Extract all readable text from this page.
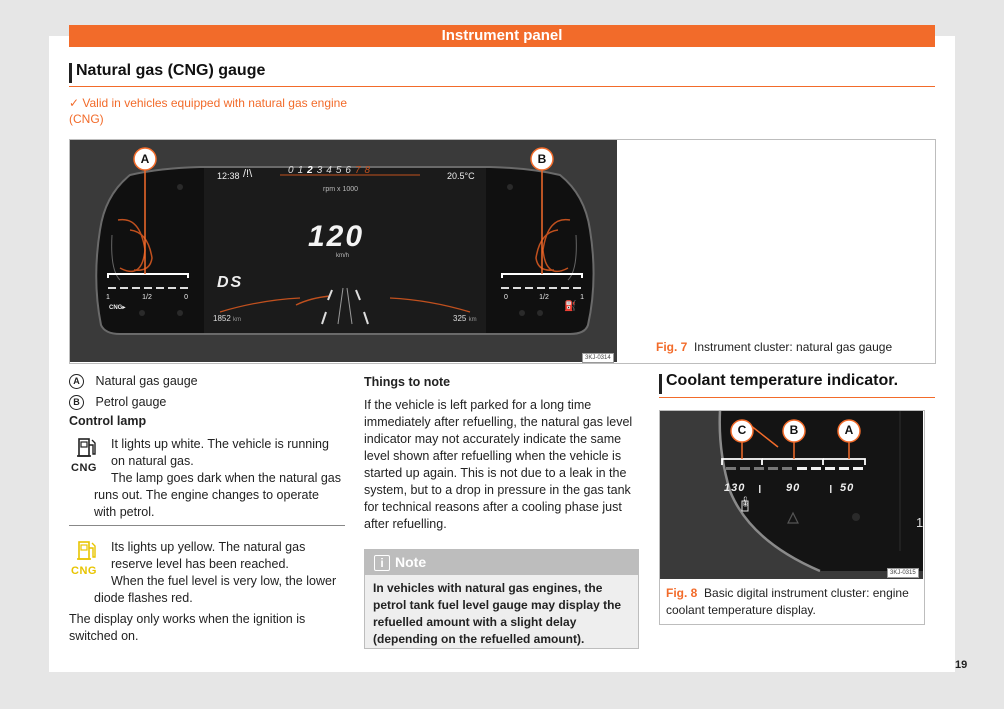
Instrument panel
Natural gas (CNG) gauge
✓ Valid in vehicles equipped with natural gas engine (CNG)
A	B
12:38 /!\	012345678	20.5°C
rpm x 1000
120
km/h
DS
1852 km	325 km
1	1/2	0	0	1/2	1
CNG▸	⛽
3KJ-0314
Fig. 7 Instrument cluster: natural gas gauge
A Natural gas gauge
B Petrol gauge
Control lamp
CNG
It lights up white. The vehicle is running on natural gas.
The lamp goes dark when the natural gas runs out. The engine changes to operate with petrol.
CNG
Its lights up yellow. The natural gas reserve level has been reached.
When the fuel level is very low, the lower diode flashes red.
The display only works when the ignition is switched on.
Things to note
If the vehicle is left parked for a long time immediately after refuelling, the natural gas level indicator may not accurately indicate the same level shown after refuelling when the vehicle is started up again. This is not due to a leak in the system, but to a drop in pressure in the gas tank for technical reasons after a cooling phase just after refuelling.
i Note
In vehicles with natural gas engines, the petrol tank fuel level gauge may display the refuelled amount with a slight delay (depending on the refuelled amount).
Coolant temperature indicator.
C	B	A
130	90	50
🌡
1
3KJ-0315
Fig. 8 Basic digital instrument cluster: engine coolant temperature display.
19
